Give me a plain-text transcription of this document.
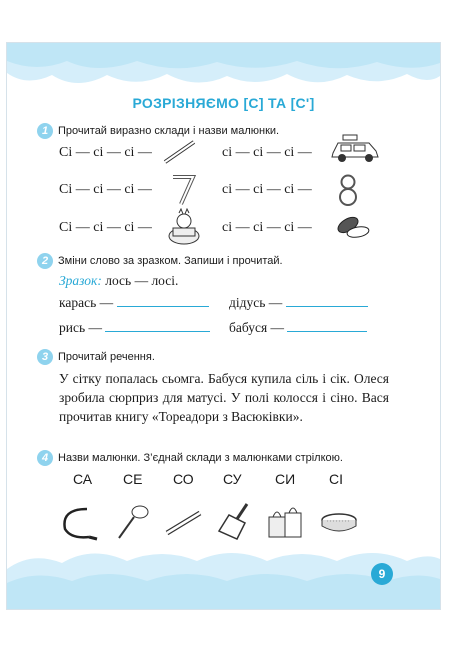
РОЗРІЗНЯЄМО [С] ТА [С']
1 Прочитай виразно склади і назви малюнки.
Сі — сі — сі —	сі — сі — сі —
Сі — сі — сі —	сі — сі — сі —
Сі — сі — сі —	сі — сі — сі —
2 Зміни слово за зразком. Запиши і прочитай.
Зразок: лось — лосі.
карась —	дідусь —
рись —	бабуся —
3 Прочитай речення.
У сітку попалась сьомга. Бабуся купила сіль і сік. Олеся зробила сюрприз для матусі. У полі колосся і сіно. Вася прочитав книгу «Тореадори з Васюківки».
4 Назви малюнки. З’єднай склади з малюнками стрілкою.
СА СЕ СО СУ СИ СІ
9
